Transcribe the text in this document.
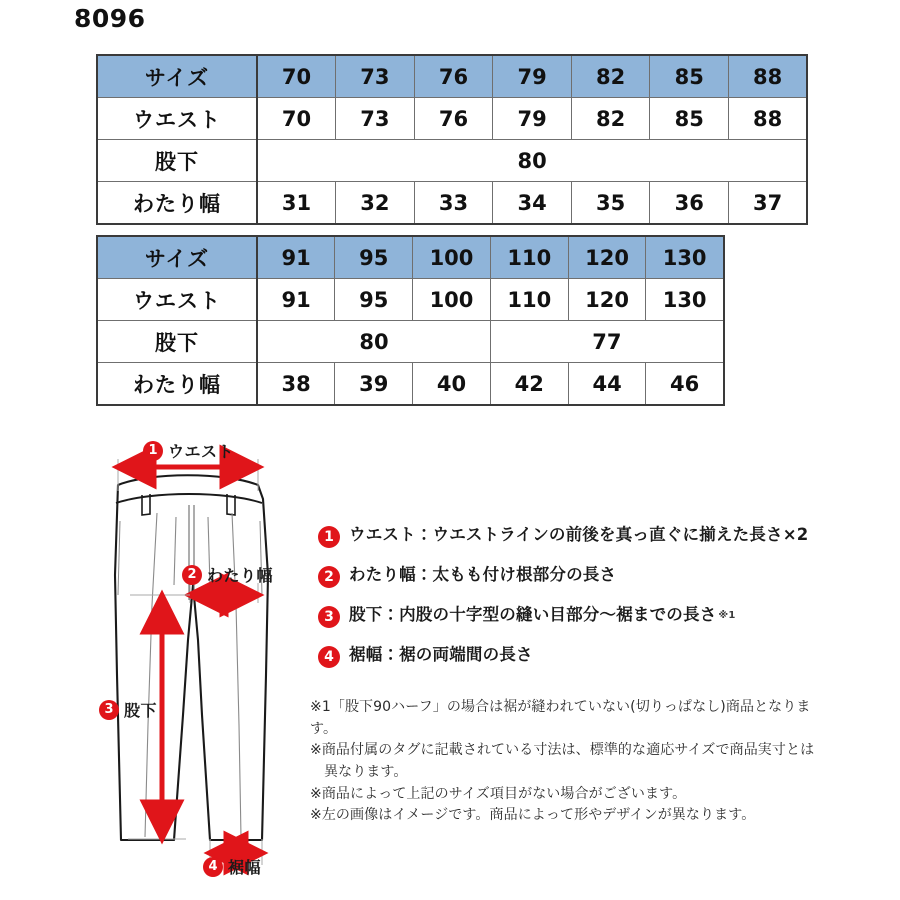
8096
サイズ	70	73	76	79	82	85	88
ウエスト	70	73	76	79	82	85	88
股下	80						
わたり幅	31	32	33	34	35	36	37
サイズ	91	95	100	110	120	130
ウエスト	91	95	100	110	120	130
股下	80			77		
わたり幅	38	39	40	42	44	46
1 ウエスト
2 わたり幅
3 股下
4 裾幅
1 ウエスト：ウエストラインの前後を真っ直ぐに揃えた長さ×2
2 わたり幅：太もも付け根部分の長さ
3 股下：内股の十字型の縫い目部分〜裾までの長さ $^{※1}$
4 裾幅：裾の両端間の長さ

※1「股下90ハーフ」の場合は裾が縫われていない(切りっぱなし)商品となります。

※商品付属のタグに記載されている寸法は、標準的な適応サイズで商品実寸とは

異なります。

※商品によって上記のサイズ項目がない場合がございます。

※左の画像はイメージです。商品によって形やデザインが異なります。
